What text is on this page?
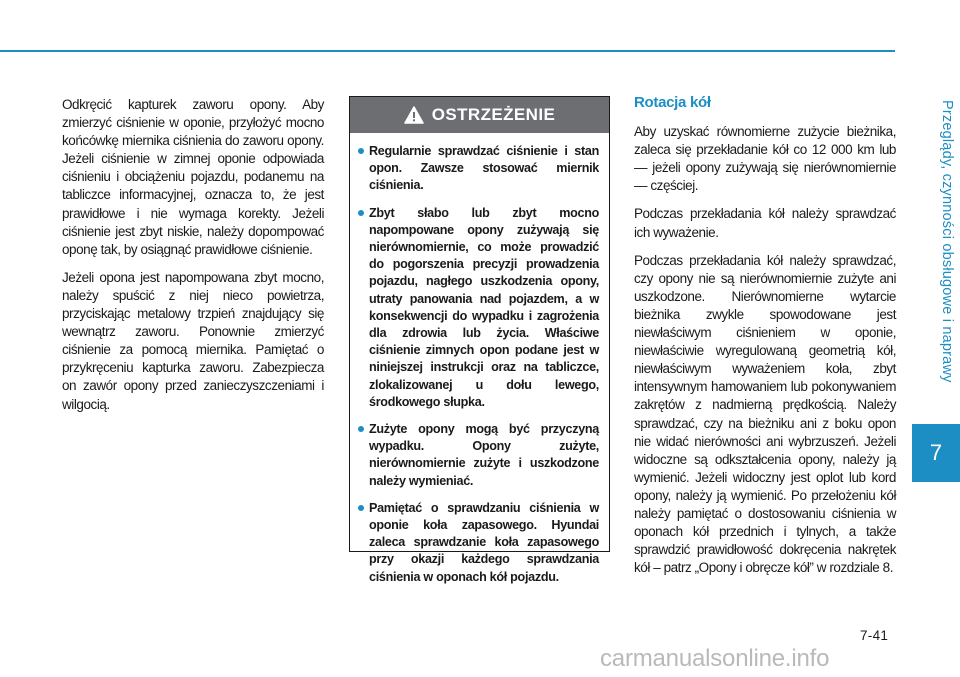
Przeglądy, czynności obsługowe i naprawy
7

Odkręcić kapturek zaworu opony. Aby zmierzyć ciśnienie w oponie, przyłożyć mocno końcówkę miernika ciśnienia do zaworu opony. Jeżeli ciśnienie w zimnej oponie odpowiada ciśnieniu i obciążeniu pojazdu, podanemu na tabliczce informacyjnej, oznacza to, że jest prawidłowe i nie wymaga korekty. Jeżeli ciśnienie jest zbyt niskie, należy dopompować oponę tak, by osiągnąć prawidłowe ciśnienie.

Jeżeli opona jest napompowana zbyt mocno, należy spuścić z niej nieco powietrza, przyciskając metalowy trzpień znajdujący się wewnątrz zaworu. Ponownie zmierzyć ciśnienie za pomocą miernika. Pamiętać o przykręceniu kapturka zaworu. Zabezpiecza on zawór opony przed zanieczyszczeniami i wilgocią.

OSTRZEŻENIE
Regularnie sprawdzać ciśnienie i stan opon. Zawsze stosować miernik ciśnienia.
Zbyt słabo lub zbyt mocno napompowane opony zużywają się nierównomiernie, co może prowadzić do pogorszenia precyzji prowadzenia pojazdu, nagłego uszkodzenia opony, utraty panowania nad pojazdem, a w konsekwencji do wypadku i zagrożenia dla zdrowia lub życia. Właściwe ciśnienie zimnych opon podane jest w niniejszej instrukcji oraz na tabliczce, zlokalizowanej u dołu lewego, środkowego słupka.
Zużyte opony mogą być przyczyną wypadku. Opony zużyte, nierównomiernie zużyte i uszkodzone należy wymieniać.
Pamiętać o sprawdzaniu ciśnienia w oponie koła zapasowego. Hyundai zaleca sprawdzanie koła zapasowego przy okazji każdego sprawdzania ciśnienia w oponach kół pojazdu.

Rotacja kół

Aby uzyskać równomierne zużycie bieżnika, zaleca się przekładanie kół co 12 000 km lub — jeżeli opony zużywają się nierównomiernie — częściej.

Podczas przekładania kół należy sprawdzać ich wyważenie.

Podczas przekładania kół należy sprawdzać, czy opony nie są nierównomiernie zużyte ani uszkodzone. Nierównomierne wytarcie bieżnika zwykle spowodowane jest niewłaściwym ciśnieniem w oponie, niewłaściwie wyregulowaną geometrią kół, niewłaściwym wyważeniem koła, zbyt intensywnym hamowaniem lub pokonywaniem zakrętów z nadmierną prędkością. Należy sprawdzać, czy na bieżniku ani z boku opon nie widać nierówności ani wybrzuszeń. Jeżeli widoczne są odkształcenia opony, należy ją wymienić. Jeżeli widoczny jest oplot lub kord opony, należy ją wymienić. Po przełożeniu kół należy pamiętać o dostosowaniu ciśnienia w oponach kół przednich i tylnych, a także sprawdzić prawidłowość dokręcenia nakrętek kół – patrz „Opony i obręcze kół” w rozdziale 8.

7-41
carmanualsonline.info
